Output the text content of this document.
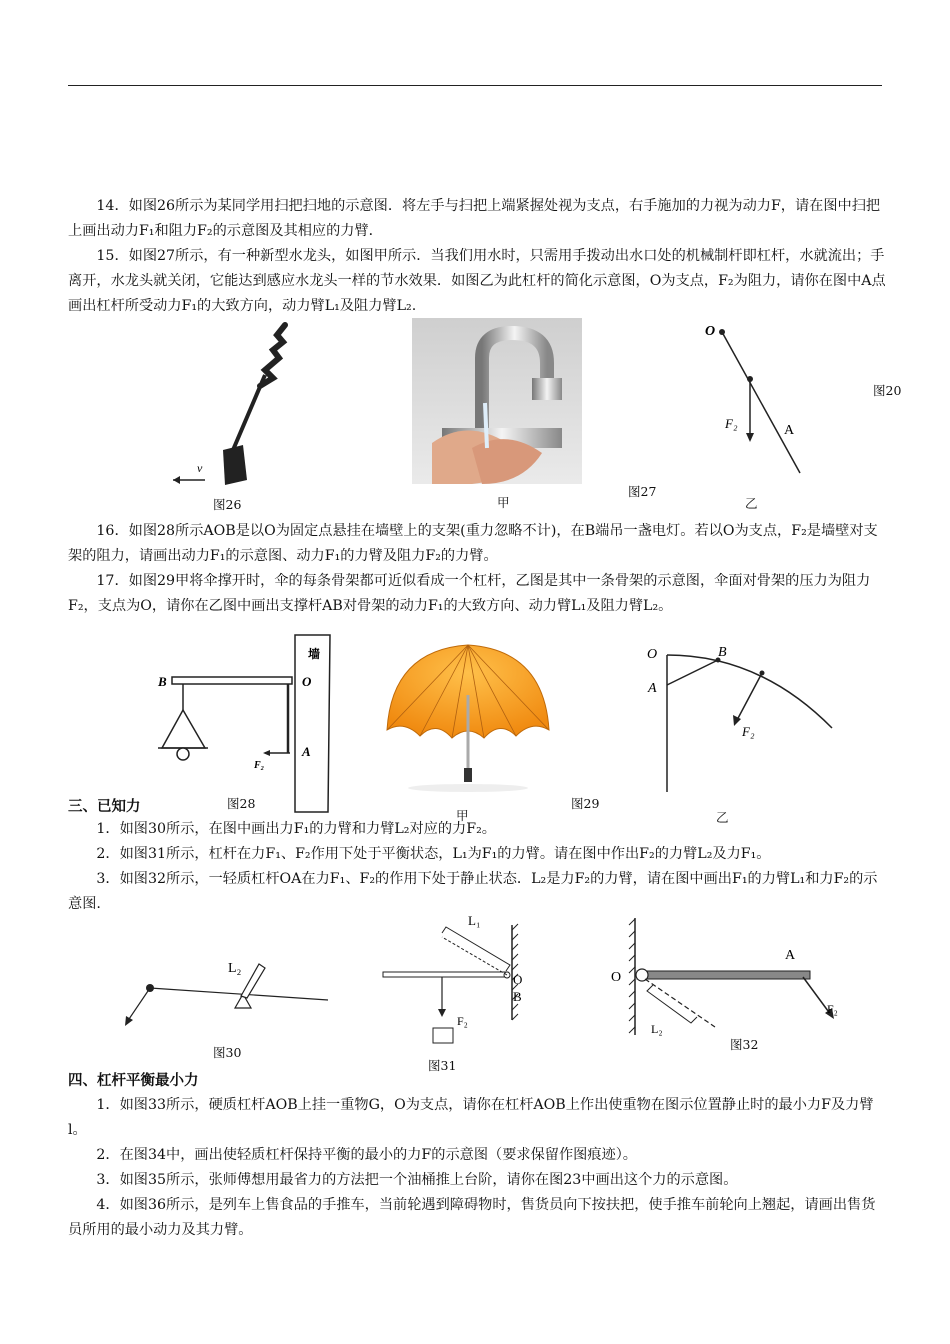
14．如图26所示为某同学用扫把扫地的示意图．将左手与扫把上端紧握处视为支点，右手施加的力视为动力F，请在图中扫把上画出动力F₁和阻力F₂的示意图及其相应的力臂．

15．如图27所示，有一种新型水龙头，如图甲所示．当我们用水时，只需用手拨动出水口处的机械制杆即杠杆，水就流出；手离开，水龙头就关闭，它能达到感应水龙头一样的节水效果．如图乙为此杠杆的简化示意图，O为支点，F₂为阻力，请你在图中A点画出杠杆所受动力F₁的大致方向，动力臂L₁及阻力臂L₂.

v
图26	甲
图27
O
F₂	A
乙
图20

16．如图28所示AOB是以O为固定点悬挂在墙壁上的支架(重力忽略不计)，在B端吊一盏电灯。若以O为支点，F₂是墙壁对支架的阻力，请画出动力F₁的示意图、动力F₁的力臂及阻力F₂的力臂。

17．如图29甲将伞撑开时，伞的每条骨架都可近似看成一个杠杆，乙图是其中一条骨架的示意图，伞面对骨架的压力为阻力F₂，支点为O，请你在乙图中画出支撑杆AB对骨架的动力F₁的大致方向、动力臂L₁及阻力臂L₂。

墙
B	O
A
F₂
图28
甲
图29
O
A
B
F₂
乙
三、已知力

1．如图30所示，在图中画出力F₁的力臂和力臂L₂对应的力F₂。

2．如图31所示，杠杆在力F₁、F₂作用下处于平衡状态，L₁为F₁的力臂。请在图中作出F₂的力臂L₂及力F₁。

3．如图32所示，一轻质杠杆OA在力F₁、F₂的作用下处于静止状态．L₂是力F₂的力臂，请在图中画出F₁的力臂L₁和力F₂的示意图.

L₂
图30
L₁
O
B
F₂
图31
O
A
F₂
L₂
图32
四、杠杆平衡最小力

1．如图33所示，硬质杠杆AOB上挂一重物G，O为支点，请你在杠杆AOB上作出使重物在图示位置静止时的最小力F及力臂l。

2．在图34中，画出使轻质杠杆保持平衡的最小的力F的示意图（要求保留作图痕迹）。

3．如图35所示，张师傅想用最省力的方法把一个油桶推上台阶，请你在图23中画出这个力的示意图。

4．如图36所示，是列车上售食品的手推车，当前轮遇到障碍物时，售货员向下按扶把，使手推车前轮向上翘起，请画出售货员所用的最小动力及其力臂。
